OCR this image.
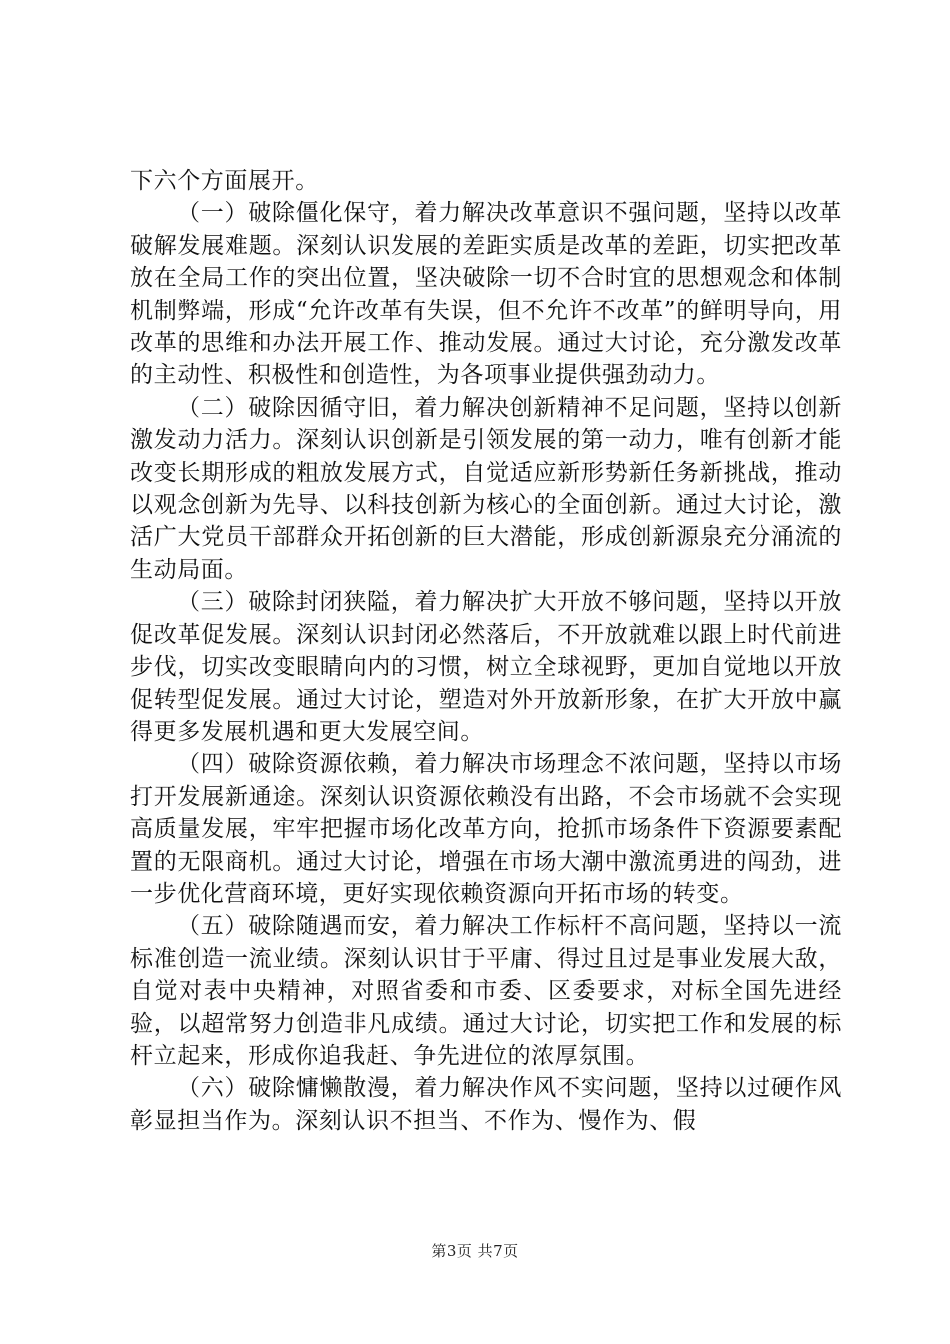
下六个方面展开。

（一）破除僵化保守，着力解决改革意识不强问题，坚持以改革破解发展难题。深刻认识发展的差距实质是改革的差距，切实把改革放在全局工作的突出位置，坚决破除一切不合时宜的思想观念和体制机制弊端，形成“允许改革有失误，但不允许不改革”的鲜明导向，用改革的思维和办法开展工作、推动发展。通过大讨论，充分激发改革的主动性、积极性和创造性，为各项事业提供强劲动力。

（二）破除因循守旧，着力解决创新精神不足问题，坚持以创新激发动力活力。深刻认识创新是引领发展的第一动力，唯有创新才能改变长期形成的粗放发展方式，自觉适应新形势新任务新挑战，推动以观念创新为先导、以科技创新为核心的全面创新。通过大讨论，激活广大党员干部群众开拓创新的巨大潜能，形成创新源泉充分涌流的生动局面。

（三）破除封闭狭隘，着力解决扩大开放不够问题，坚持以开放促改革促发展。深刻认识封闭必然落后，不开放就难以跟上时代前进步伐，切实改变眼睛向内的习惯，树立全球视野，更加自觉地以开放促转型促发展。通过大讨论，塑造对外开放新形象，在扩大开放中赢得更多发展机遇和更大发展空间。

（四）破除资源依赖，着力解决市场理念不浓问题，坚持以市场打开发展新通途。深刻认识资源依赖没有出路，不会市场就不会实现高质量发展，牢牢把握市场化改革方向，抢抓市场条件下资源要素配置的无限商机。通过大讨论，增强在市场大潮中激流勇进的闯劲，进一步优化营商环境，更好实现依赖资源向开拓市场的转变。

（五）破除随遇而安，着力解决工作标杆不高问题，坚持以一流标准创造一流业绩。深刻认识甘于平庸、得过且过是事业发展大敌，自觉对表中央精神，对照省委和市委、区委要求，对标全国先进经验，以超常努力创造非凡成绩。通过大讨论，切实把工作和发展的标杆立起来，形成你追我赶、争先进位的浓厚氛围。

（六）破除慵懒散漫，着力解决作风不实问题，坚持以过硬作风彰显担当作为。深刻认识不担当、不作为、慢作为、假

第3页 共7页
